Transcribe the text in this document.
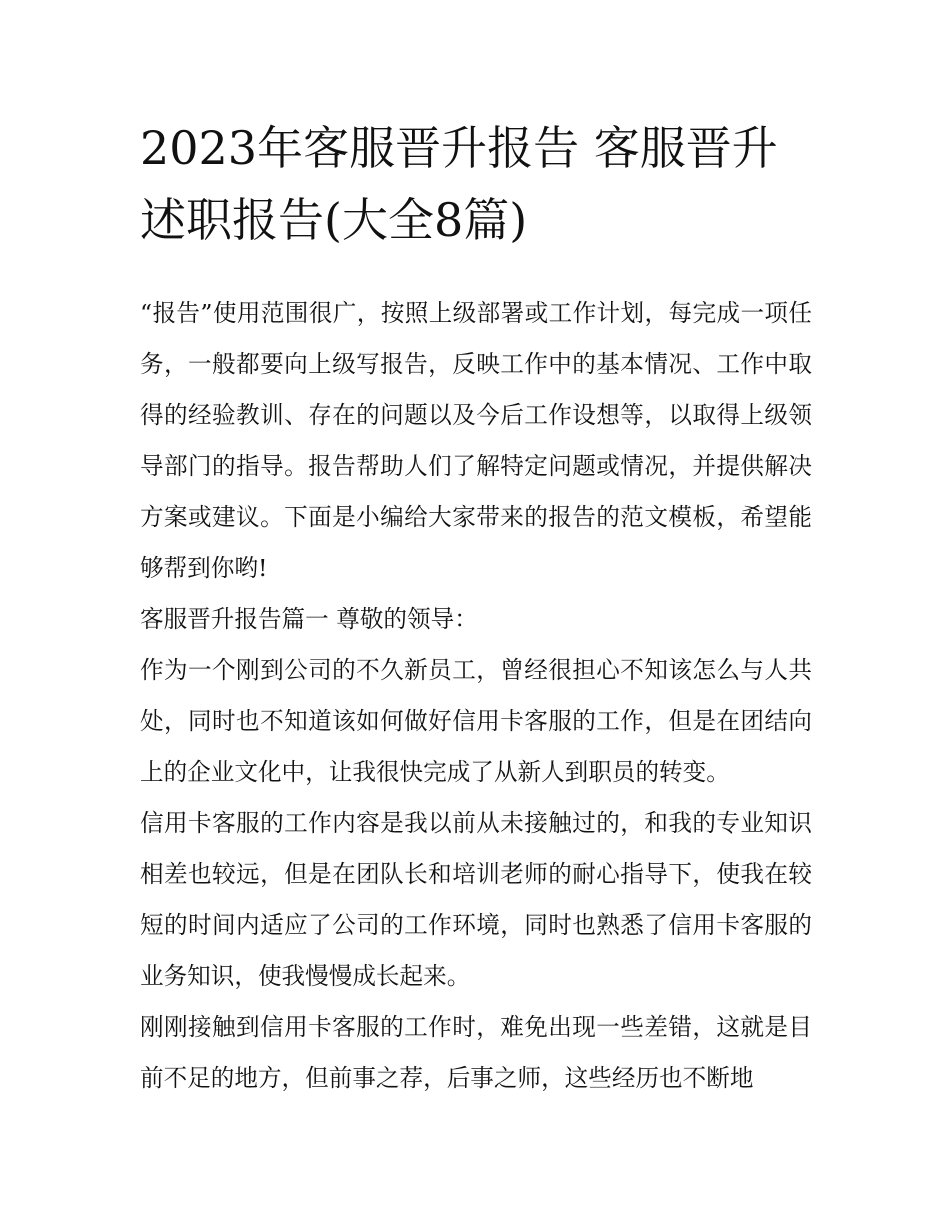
2023年客服晋升报告 客服晋升述职报告(大全8篇)

“报告”使用范围很广，按照上级部署或工作计划，每完成一项任务，一般都要向上级写报告，反映工作中的基本情况、工作中取得的经验教训、存在的问题以及今后工作设想等，以取得上级领导部门的指导。报告帮助人们了解特定问题或情况，并提供解决方案或建议。下面是小编给大家带来的报告的范文模板，希望能够帮到你哟!

客服晋升报告篇一 尊敬的领导：

作为一个刚到公司的不久新员工，曾经很担心不知该怎么与人共处，同时也不知道该如何做好信用卡客服的工作，但是在团结向上的企业文化中，让我很快完成了从新人到职员的转变。

信用卡客服的工作内容是我以前从未接触过的，和我的专业知识相差也较远，但是在团队长和培训老师的耐心指导下，使我在较短的时间内适应了公司的工作环境，同时也熟悉了信用卡客服的业务知识，使我慢慢成长起来。

刚刚接触到信用卡客服的工作时，难免出现一些差错，这就是目前不足的地方，但前事之荐，后事之师，这些经历也不断地
